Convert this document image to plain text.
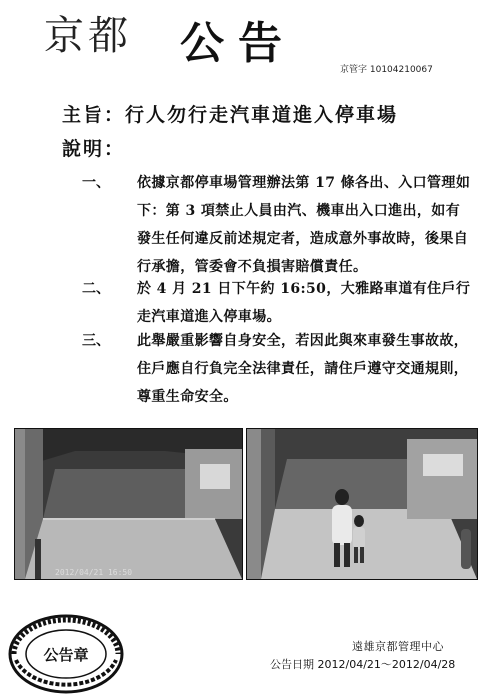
京都	公告
京管字 10104210067
主旨：行人勿行走汽車道進入停車場
說明：
一、	依據京都停車場管理辦法第 17 條各出、入口管理如下：第 3 項禁止人員由汽、機車出入口進出，如有發生任何違反前述規定者，造成意外事故時，後果自行承擔，管委會不負損害賠償責任。
二、	於 4 月 21 日下午約 16:50，大雅路車道有住戶行走汽車道進入停車場。
三、	此舉嚴重影響自身安全，若因此與來車發生事故故，住戶應自行負完全法律責任，請住戶遵守交通規則，尊重生命安全。
2012/04/21 16:50
公告章	遠雄京都管理中心
公告日期 2012/04/21～2012/04/28
